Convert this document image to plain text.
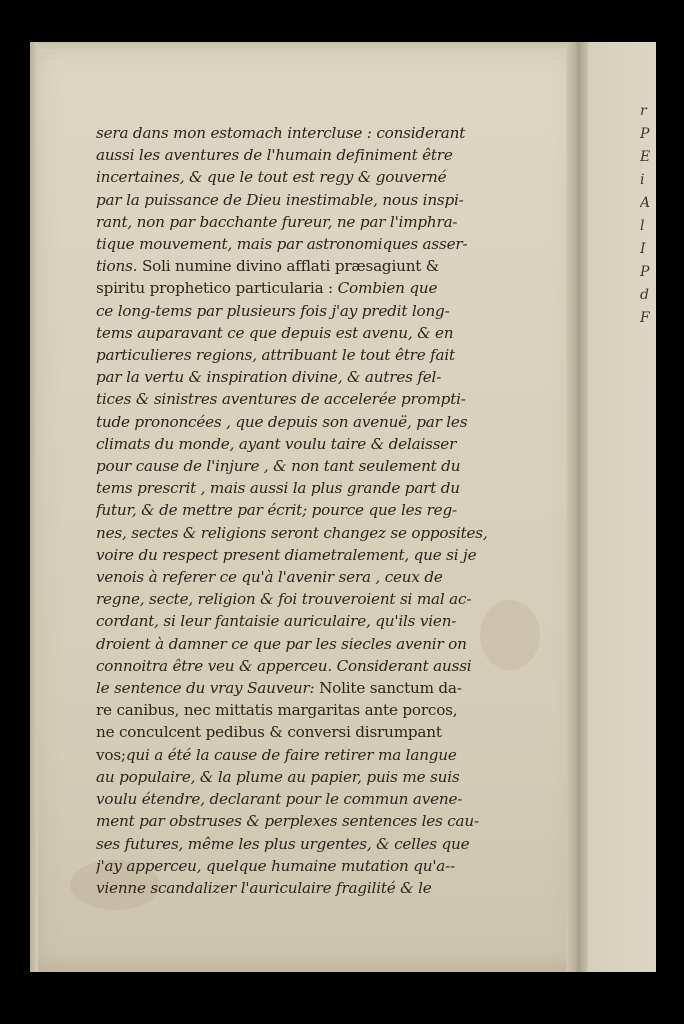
r
P
E
i
A
l
I
P
d
F
sera dans mon estomach intercluse : considerant
aussi les aventures de l'humain definiment être
incertaines, & que le tout est regy & gouverné
par la puissance de Dieu inestimable, nous inspi-
rant, non par bacchante fureur, ne par l'imphra-
tique mouvement, mais par astronomiques asser-
tions. Soli numine divino afflati præsagiunt &
spiritu prophetico particularia : Combien que
ce long-tems par plusieurs fois j'ay predit long-
tems auparavant ce que depuis est avenu, & en
particulieres regions, attribuant le tout être fait
par la vertu & inspiration divine, & autres fel-
tices & sinistres aventures de accelerée prompti-
tude prononcées , que depuis son avenuë, par les
climats du monde, ayant voulu taire & delaisser
pour cause de l'injure , & non tant seulement du
tems prescrit , mais aussi la plus grande part du
futur, & de mettre par écrit; pource que les reg-
nes, sectes & religions seront changez se opposites,
voire du respect present diametralement, que si je
venois à referer ce qu'à l'avenir sera , ceux de
regne, secte, religion & foi trouveroient si mal ac-
cordant, si leur fantaisie auriculaire, qu'ils vien-
droient à damner ce que par les siecles avenir on
connoitra être veu & apperceu. Considerant aussi
le sentence du vray Sauveur: Nolite sanctum da-
re canibus, nec mittatis margaritas ante porcos,
ne conculcent pedibus & conversi disrumpant
vos;qui a été la cause de faire retirer ma langue
au populaire, & la plume au papier, puis me suis
voulu étendre, declarant pour le commun avene-
ment par obstruses & perplexes sentences les cau-
ses futures, même les plus urgentes, & celles que
j'ay apperceu, quelque humaine mutation qu'a--
vienne scandalizer l'auriculaire fragilité & le
